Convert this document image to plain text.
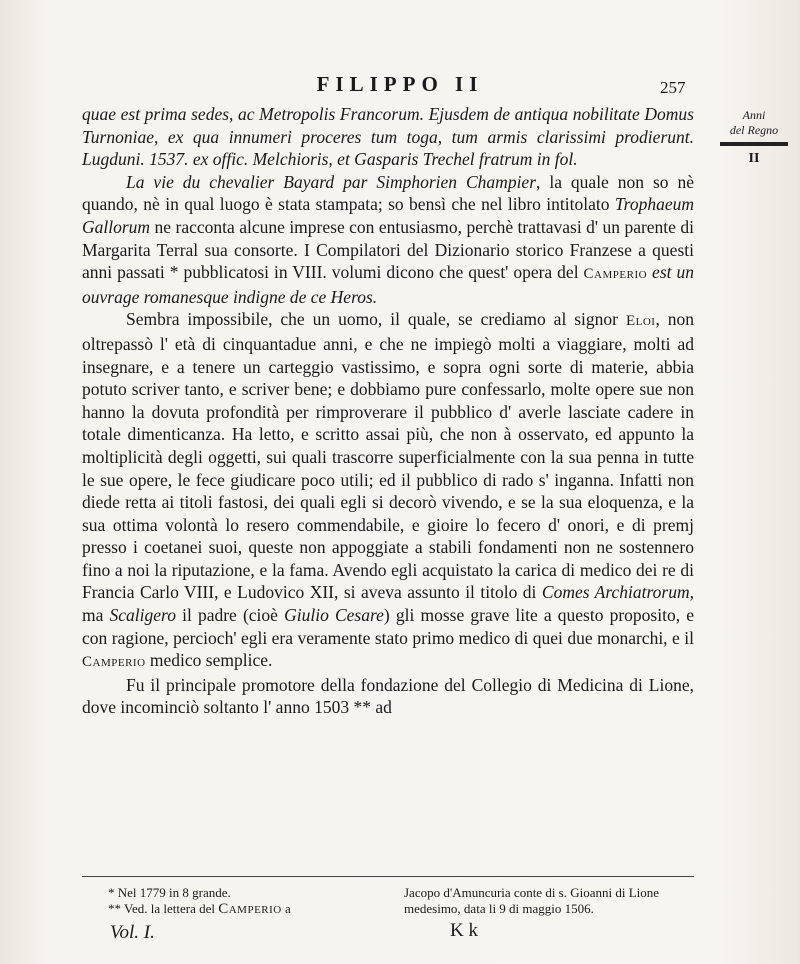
FILIPPO II	257
Anni
del Regno
II

quae est prima sedes, ac Metropolis Francorum. Ejusdem de antiqua nobilitate Domus Turnoniae, ex qua innumeri proceres tum toga, tum armis clarissimi prodierunt. Lugduni. 1537. ex offic. Melchioris, et Gasparis Trechel fratrum in fol.

La vie du chevalier Bayard par Simphorien Champier, la quale non so nè quando, nè in qual luogo è stata stampata; so bensì che nel libro intitolato Trophaeum Gallorum ne racconta alcune imprese con entusiasmo, perchè trattavasi d' un parente di Margarita Terral sua consorte. I Compilatori del Dizionario storico Franzese a questi anni passati * pubblicatosi in VIII. volumi dicono che quest' opera del Camperio est un ouvrage romanesque indigne de ce Heros.

Sembra impossibile, che un uomo, il quale, se crediamo al signor Eloi, non oltrepassò l' età di cinquantadue anni, e che ne impiegò molti a viaggiare, molti ad insegnare, e a tenere un carteggio vastissimo, e sopra ogni sorte di materie, abbia potuto scriver tanto, e scriver bene; e dobbiamo pure confessarlo, molte opere sue non hanno la dovuta profondità per rimproverare il pubblico d' averle lasciate cadere in totale dimenticanza. Ha letto, e scritto assai più, che non à osservato, ed appunto la moltiplicità degli oggetti, sui quali trascorre superficialmente con la sua penna in tutte le sue opere, le fece giudicare poco utili; ed il pubblico di rado s' inganna. Infatti non diede retta ai titoli fastosi, dei quali egli si decorò vivendo, e se la sua eloquenza, e la sua ottima volontà lo resero commendabile, e gioire lo fecero d' onori, e di premj presso i coetanei suoi, queste non appoggiate a stabili fondamenti non ne sostennero fino a noi la riputazione, e la fama. Avendo egli acquistato la carica di medico dei re di Francia Carlo VIII, e Ludovico XII, si aveva assunto il titolo di Comes Archiatrorum, ma Scaligero il padre (cioè Giulio Cesare) gli mosse grave lite a questo proposito, e con ragione, percioch' egli era veramente stato primo medico di quei due monarchi, e il Camperio medico semplice.

Fu il principale promotore della fondazione del Collegio di Medicina di Lione, dove incominciò soltanto l' anno 1503 ** ad

* Nel 1779 in 8 grande.
** Ved. la lettera del Camperio a
Jacopo d'Amuncuria conte di s. Gioanni di Lione medesimo, data li 9 di maggio 1506.
Vol. I.	K k
